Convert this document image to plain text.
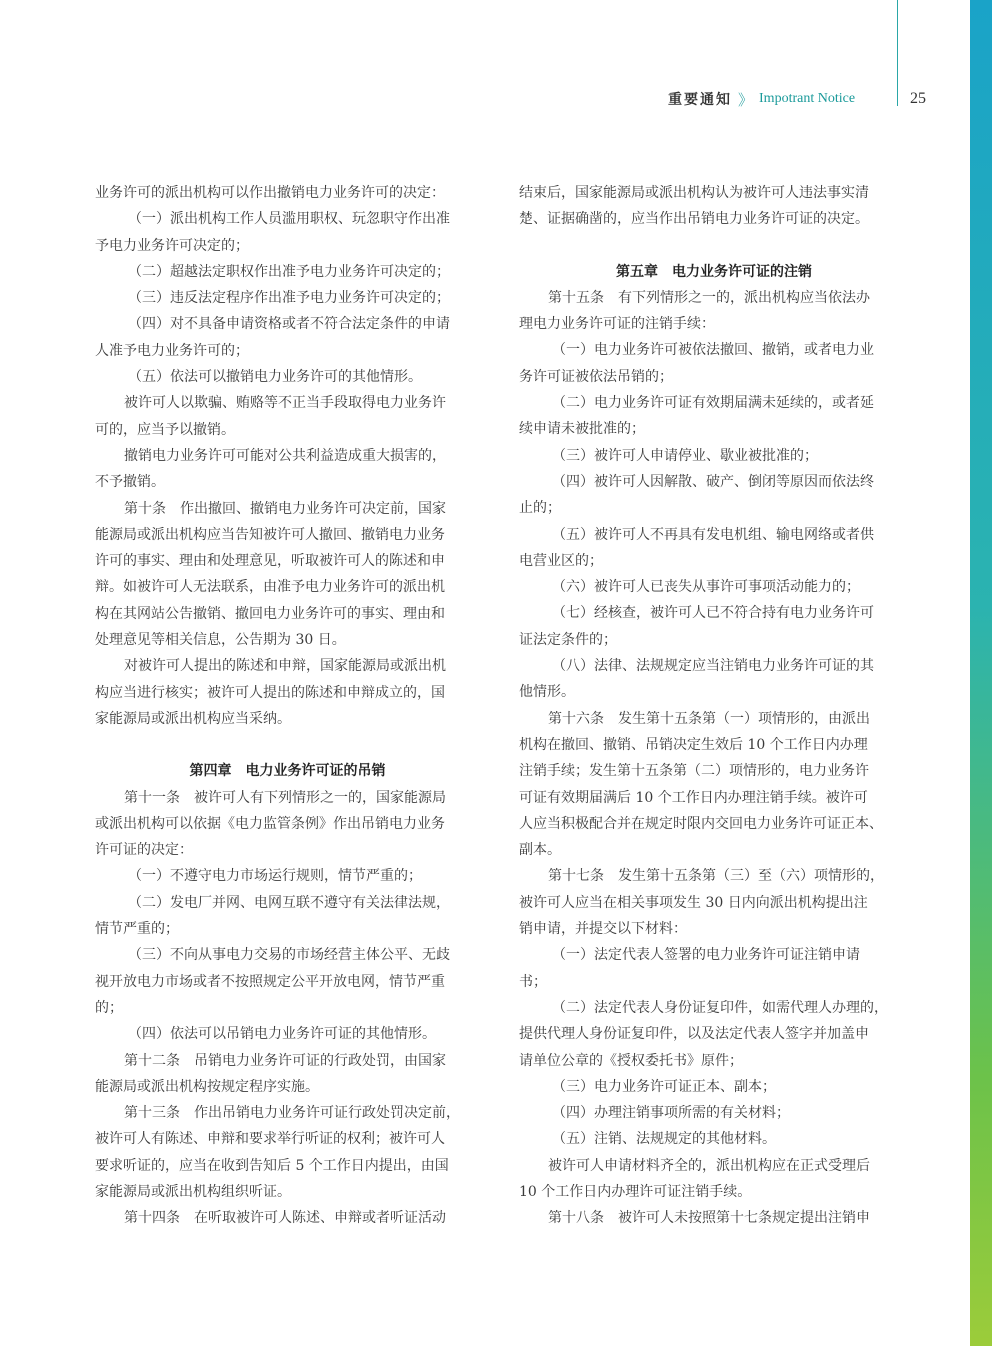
重要通知 》 Impotrant Notice	25

业务许可的派出机构可以作出撤销电力业务许可的决定：

（一）派出机构工作人员滥用职权、玩忽职守作出准

予电力业务许可决定的；

（二）超越法定职权作出准予电力业务许可决定的；

（三）违反法定程序作出准予电力业务许可决定的；

（四）对不具备申请资格或者不符合法定条件的申请

人准予电力业务许可的；

（五）依法可以撤销电力业务许可的其他情形。

被许可人以欺骗、贿赂等不正当手段取得电力业务许

可的，应当予以撤销。

撤销电力业务许可可能对公共利益造成重大损害的，

不予撤销。

第十条　作出撤回、撤销电力业务许可决定前，国家

能源局或派出机构应当告知被许可人撤回、撤销电力业务

许可的事实、理由和处理意见，听取被许可人的陈述和申

辩。如被许可人无法联系，由准予电力业务许可的派出机

构在其网站公告撤销、撤回电力业务许可的事实、理由和

处理意见等相关信息，公告期为 30 日。

对被许可人提出的陈述和申辩，国家能源局或派出机

构应当进行核实；被许可人提出的陈述和申辩成立的，国

家能源局或派出机构应当采纳。

第四章　电力业务许可证的吊销

第十一条　被许可人有下列情形之一的，国家能源局

或派出机构可以依据《电力监管条例》作出吊销电力业务

许可证的决定：

（一）不遵守电力市场运行规则，情节严重的；

（二）发电厂并网、电网互联不遵守有关法律法规，

情节严重的；

（三）不向从事电力交易的市场经营主体公平、无歧

视开放电力市场或者不按照规定公平开放电网，情节严重

的；

（四）依法可以吊销电力业务许可证的其他情形。

第十二条　吊销电力业务许可证的行政处罚，由国家

能源局或派出机构按规定程序实施。

第十三条　作出吊销电力业务许可证行政处罚决定前，

被许可人有陈述、申辩和要求举行听证的权利；被许可人

要求听证的，应当在收到告知后 5 个工作日内提出，由国

家能源局或派出机构组织听证。

第十四条　在听取被许可人陈述、申辩或者听证活动

结束后，国家能源局或派出机构认为被许可人违法事实清

楚、证据确凿的，应当作出吊销电力业务许可证的决定。

第五章　电力业务许可证的注销

第十五条　有下列情形之一的，派出机构应当依法办

理电力业务许可证的注销手续：

（一）电力业务许可被依法撤回、撤销，或者电力业

务许可证被依法吊销的；

（二）电力业务许可证有效期届满未延续的，或者延

续申请未被批准的；

（三）被许可人申请停业、歇业被批准的；

（四）被许可人因解散、破产、倒闭等原因而依法终

止的；

（五）被许可人不再具有发电机组、输电网络或者供

电营业区的；

（六）被许可人已丧失从事许可事项活动能力的；

（七）经核查，被许可人已不符合持有电力业务许可

证法定条件的；

（八）法律、法规规定应当注销电力业务许可证的其

他情形。

第十六条　发生第十五条第（一）项情形的，由派出

机构在撤回、撤销、吊销决定生效后 10 个工作日内办理

注销手续；发生第十五条第（二）项情形的，电力业务许

可证有效期届满后 10 个工作日内办理注销手续。被许可

人应当积极配合并在规定时限内交回电力业务许可证正本、

副本。

第十七条　发生第十五条第（三）至（六）项情形的，

被许可人应当在相关事项发生 30 日内向派出机构提出注

销申请，并提交以下材料：

（一）法定代表人签署的电力业务许可证注销申请

书；

（二）法定代表人身份证复印件，如需代理人办理的，

提供代理人身份证复印件，以及法定代表人签字并加盖申

请单位公章的《授权委托书》原件；

（三）电力业务许可证正本、副本；

（四）办理注销事项所需的有关材料；

（五）注销、法规规定的其他材料。

被许可人申请材料齐全的，派出机构应在正式受理后

10 个工作日内办理许可证注销手续。

第十八条　被许可人未按照第十七条规定提出注销申
